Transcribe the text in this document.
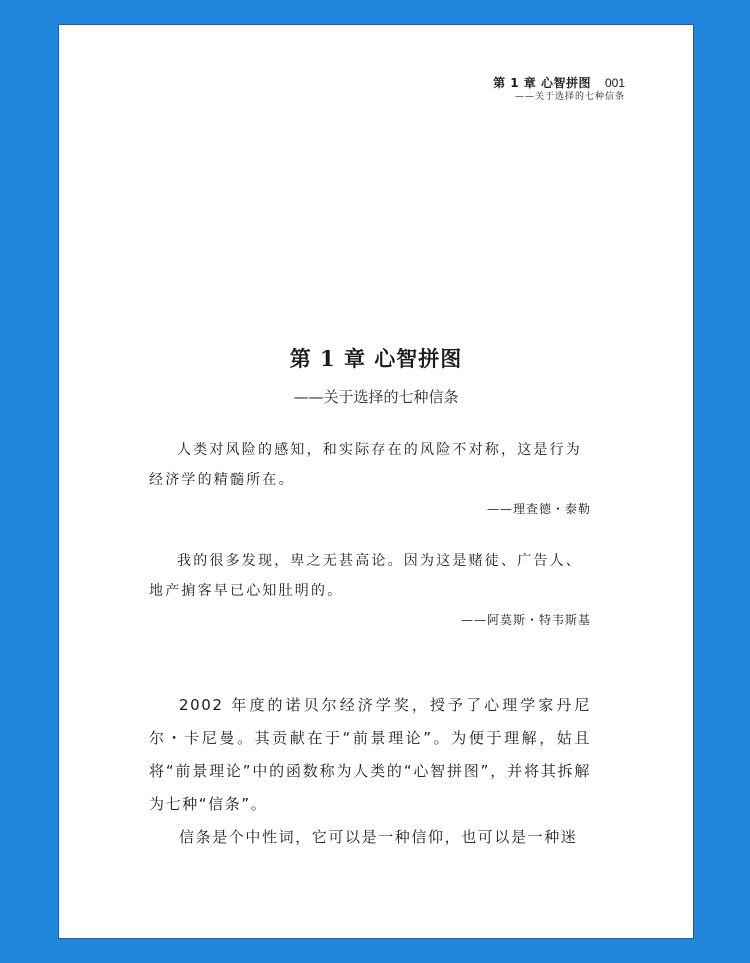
第 1 章 心智拼图 001
——关于选择的七种信条
第 1 章 心智拼图
——关于选择的七种信条

人类对风险的感知，和实际存在的风险不对称，这是行为经济学的精髓所在。

——理查德・泰勒

我的很多发现，卑之无甚高论。因为这是赌徒、广告人、地产掮客早已心知肚明的。

——阿莫斯・特韦斯基

2002 年度的诺贝尔经济学奖，授予了心理学家丹尼尔・卡尼曼。其贡献在于“前景理论”。为便于理解，姑且将“前景理论”中的函数称为人类的“心智拼图”，并将其拆解为七种“信条”。

信条是个中性词，它可以是一种信仰，也可以是一种迷
